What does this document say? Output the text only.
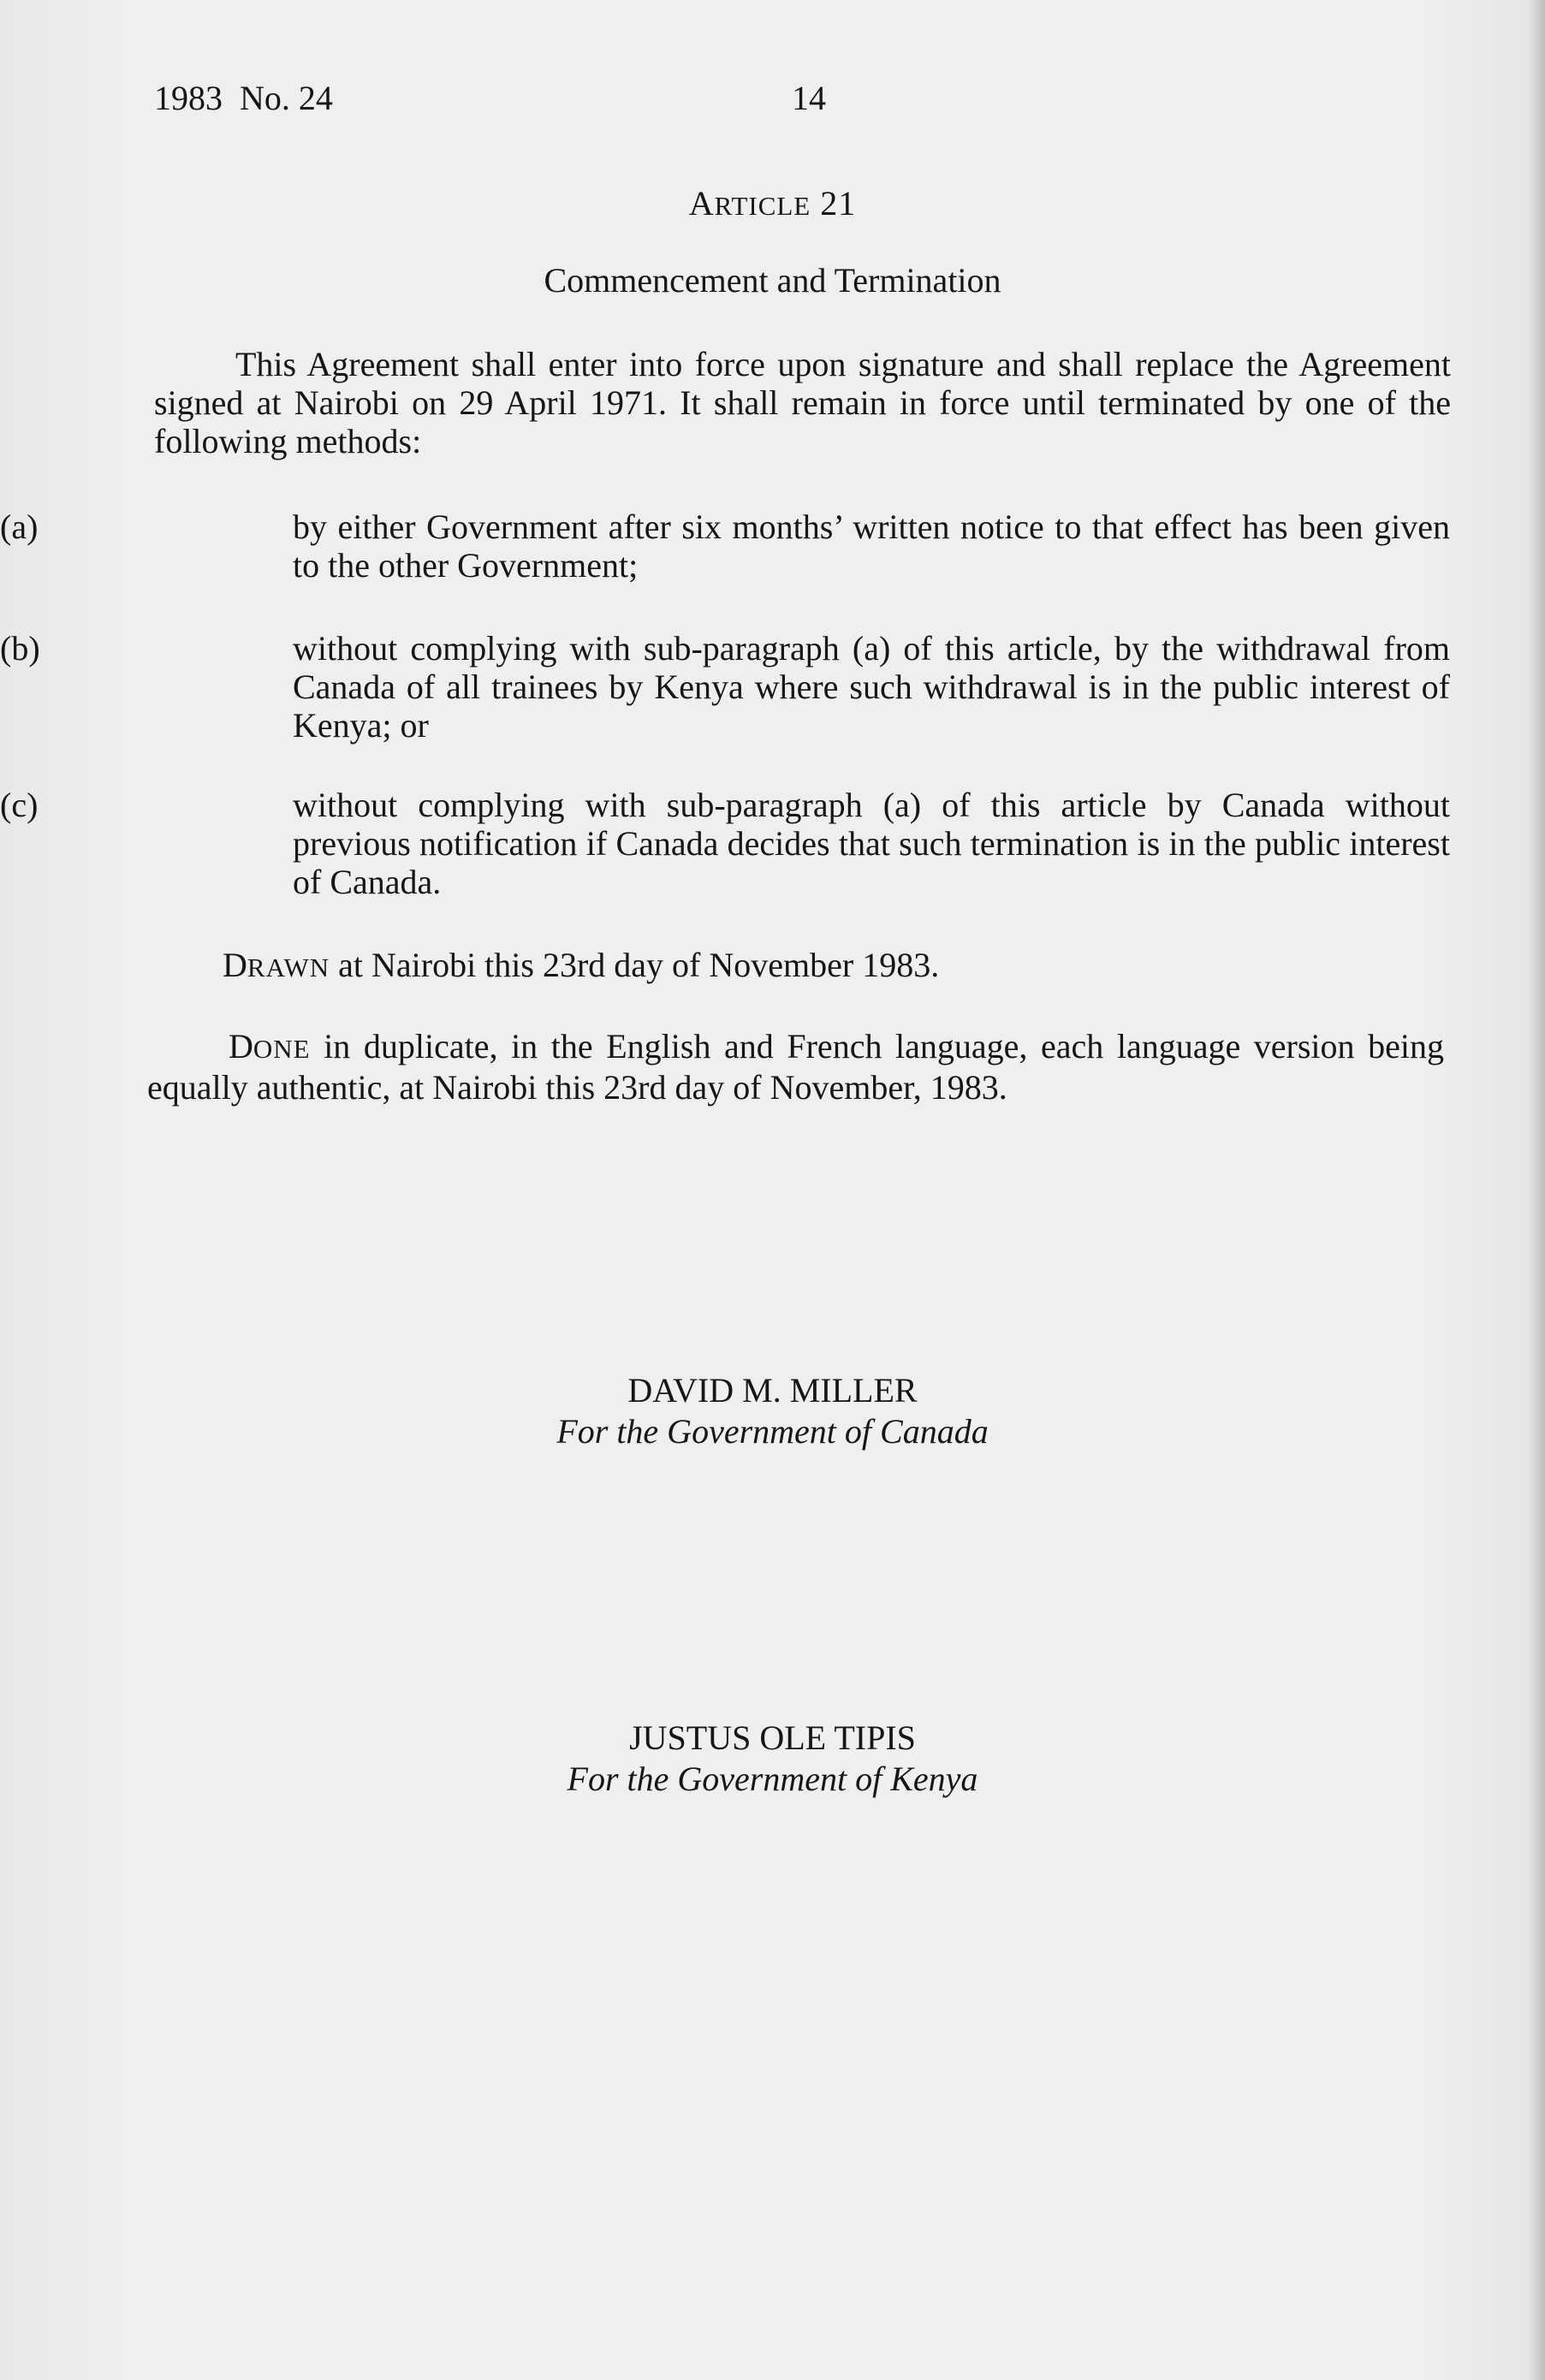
1983 No. 24	14
ARTICLE 21
Commencement and Termination
This Agreement shall enter into force upon signature and shall replace the Agreement signed at Nairobi on 29 April 1971. It shall remain in force until terminated by one of the following methods:
(a)	by either Government after six months’ written notice to that effect has been given to the other Government;
(b)	without complying with sub-paragraph (a) of this article, by the withdrawal from Canada of all trainees by Kenya where such withdrawal is in the public interest of Kenya; or
(c)	without complying with sub-paragraph (a) of this article by Canada without previous notification if Canada decides that such termination is in the public interest of Canada.
DRAWN at Nairobi this 23rd day of November 1983.
DONE in duplicate, in the English and French language, each language version being equally authentic, at Nairobi this 23rd day of November, 1983.
DAVID M. MILLER
For the Government of Canada
JUSTUS OLE TIPIS
For the Government of Kenya
